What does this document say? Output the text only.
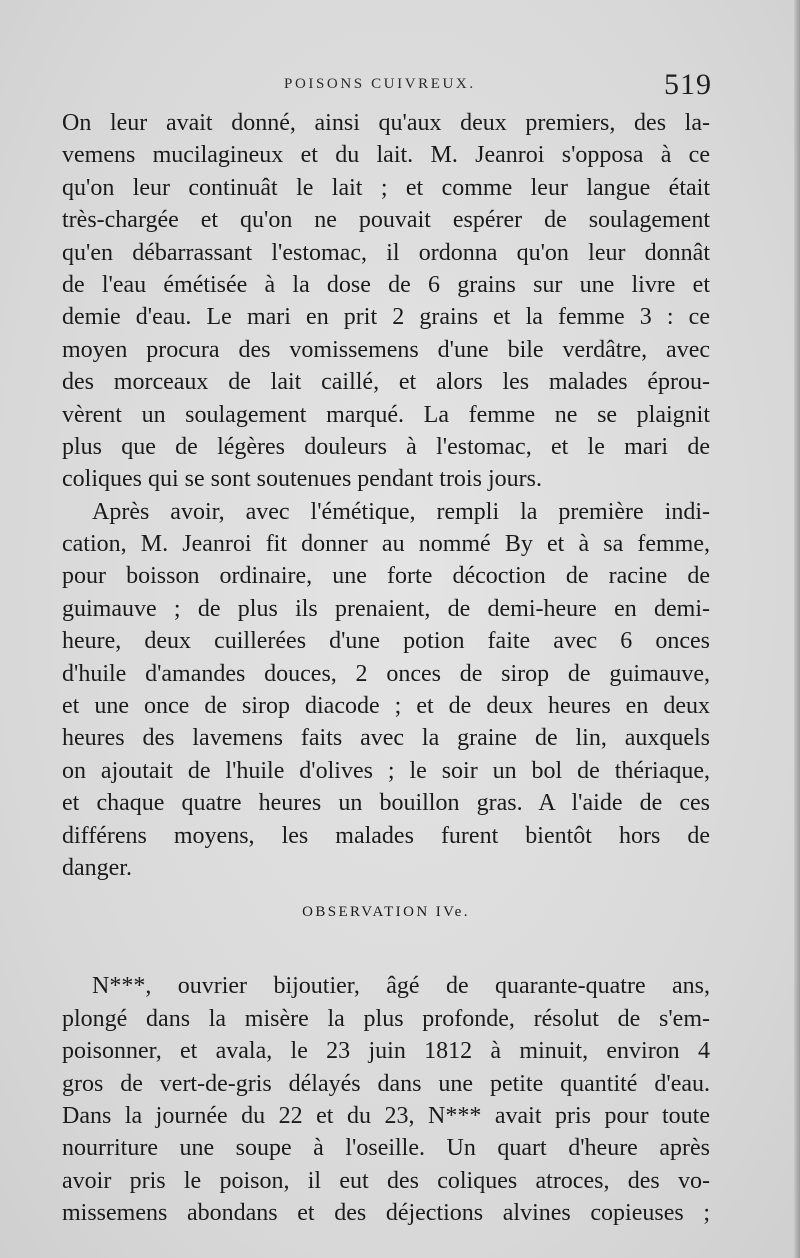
POISONS CUIVREUX.	519
On leur avait donné, ainsi qu'aux deux premiers, des la-
vemens mucilagineux et du lait. M. Jeanroi s'opposa à ce
qu'on leur continuât le lait ; et comme leur langue était
très-chargée et qu'on ne pouvait espérer de soulagement
qu'en débarrassant l'estomac, il ordonna qu'on leur donnât
de l'eau émétisée à la dose de 6 grains sur une livre et
demie d'eau. Le mari en prit 2 grains et la femme 3 : ce
moyen procura des vomissemens d'une bile verdâtre, avec
des morceaux de lait caillé, et alors les malades éprou-
vèrent un soulagement marqué. La femme ne se plaignit
plus que de légères douleurs à l'estomac, et le mari de
coliques qui se sont soutenues pendant trois jours.
Après avoir, avec l'émétique, rempli la première indi-
cation, M. Jeanroi fit donner au nommé By et à sa femme,
pour boisson ordinaire, une forte décoction de racine de
guimauve ; de plus ils prenaient, de demi-heure en demi-
heure, deux cuillerées d'une potion faite avec 6 onces
d'huile d'amandes douces, 2 onces de sirop de guimauve,
et une once de sirop diacode ; et de deux heures en deux
heures des lavemens faits avec la graine de lin, auxquels
on ajoutait de l'huile d'olives ; le soir un bol de thériaque,
et chaque quatre heures un bouillon gras. A l'aide de ces
différens moyens, les malades furent bientôt hors de
danger.
OBSERVATION IVe.
N***, ouvrier bijoutier, âgé de quarante-quatre ans,
plongé dans la misère la plus profonde, résolut de s'em-
poisonner, et avala, le 23 juin 1812 à minuit, environ 4
gros de vert-de-gris délayés dans une petite quantité d'eau.
Dans la journée du 22 et du 23, N*** avait pris pour toute
nourriture une soupe à l'oseille. Un quart d'heure après
avoir pris le poison, il eut des coliques atroces, des vo-
missemens abondans et des déjections alvines copieuses ;
